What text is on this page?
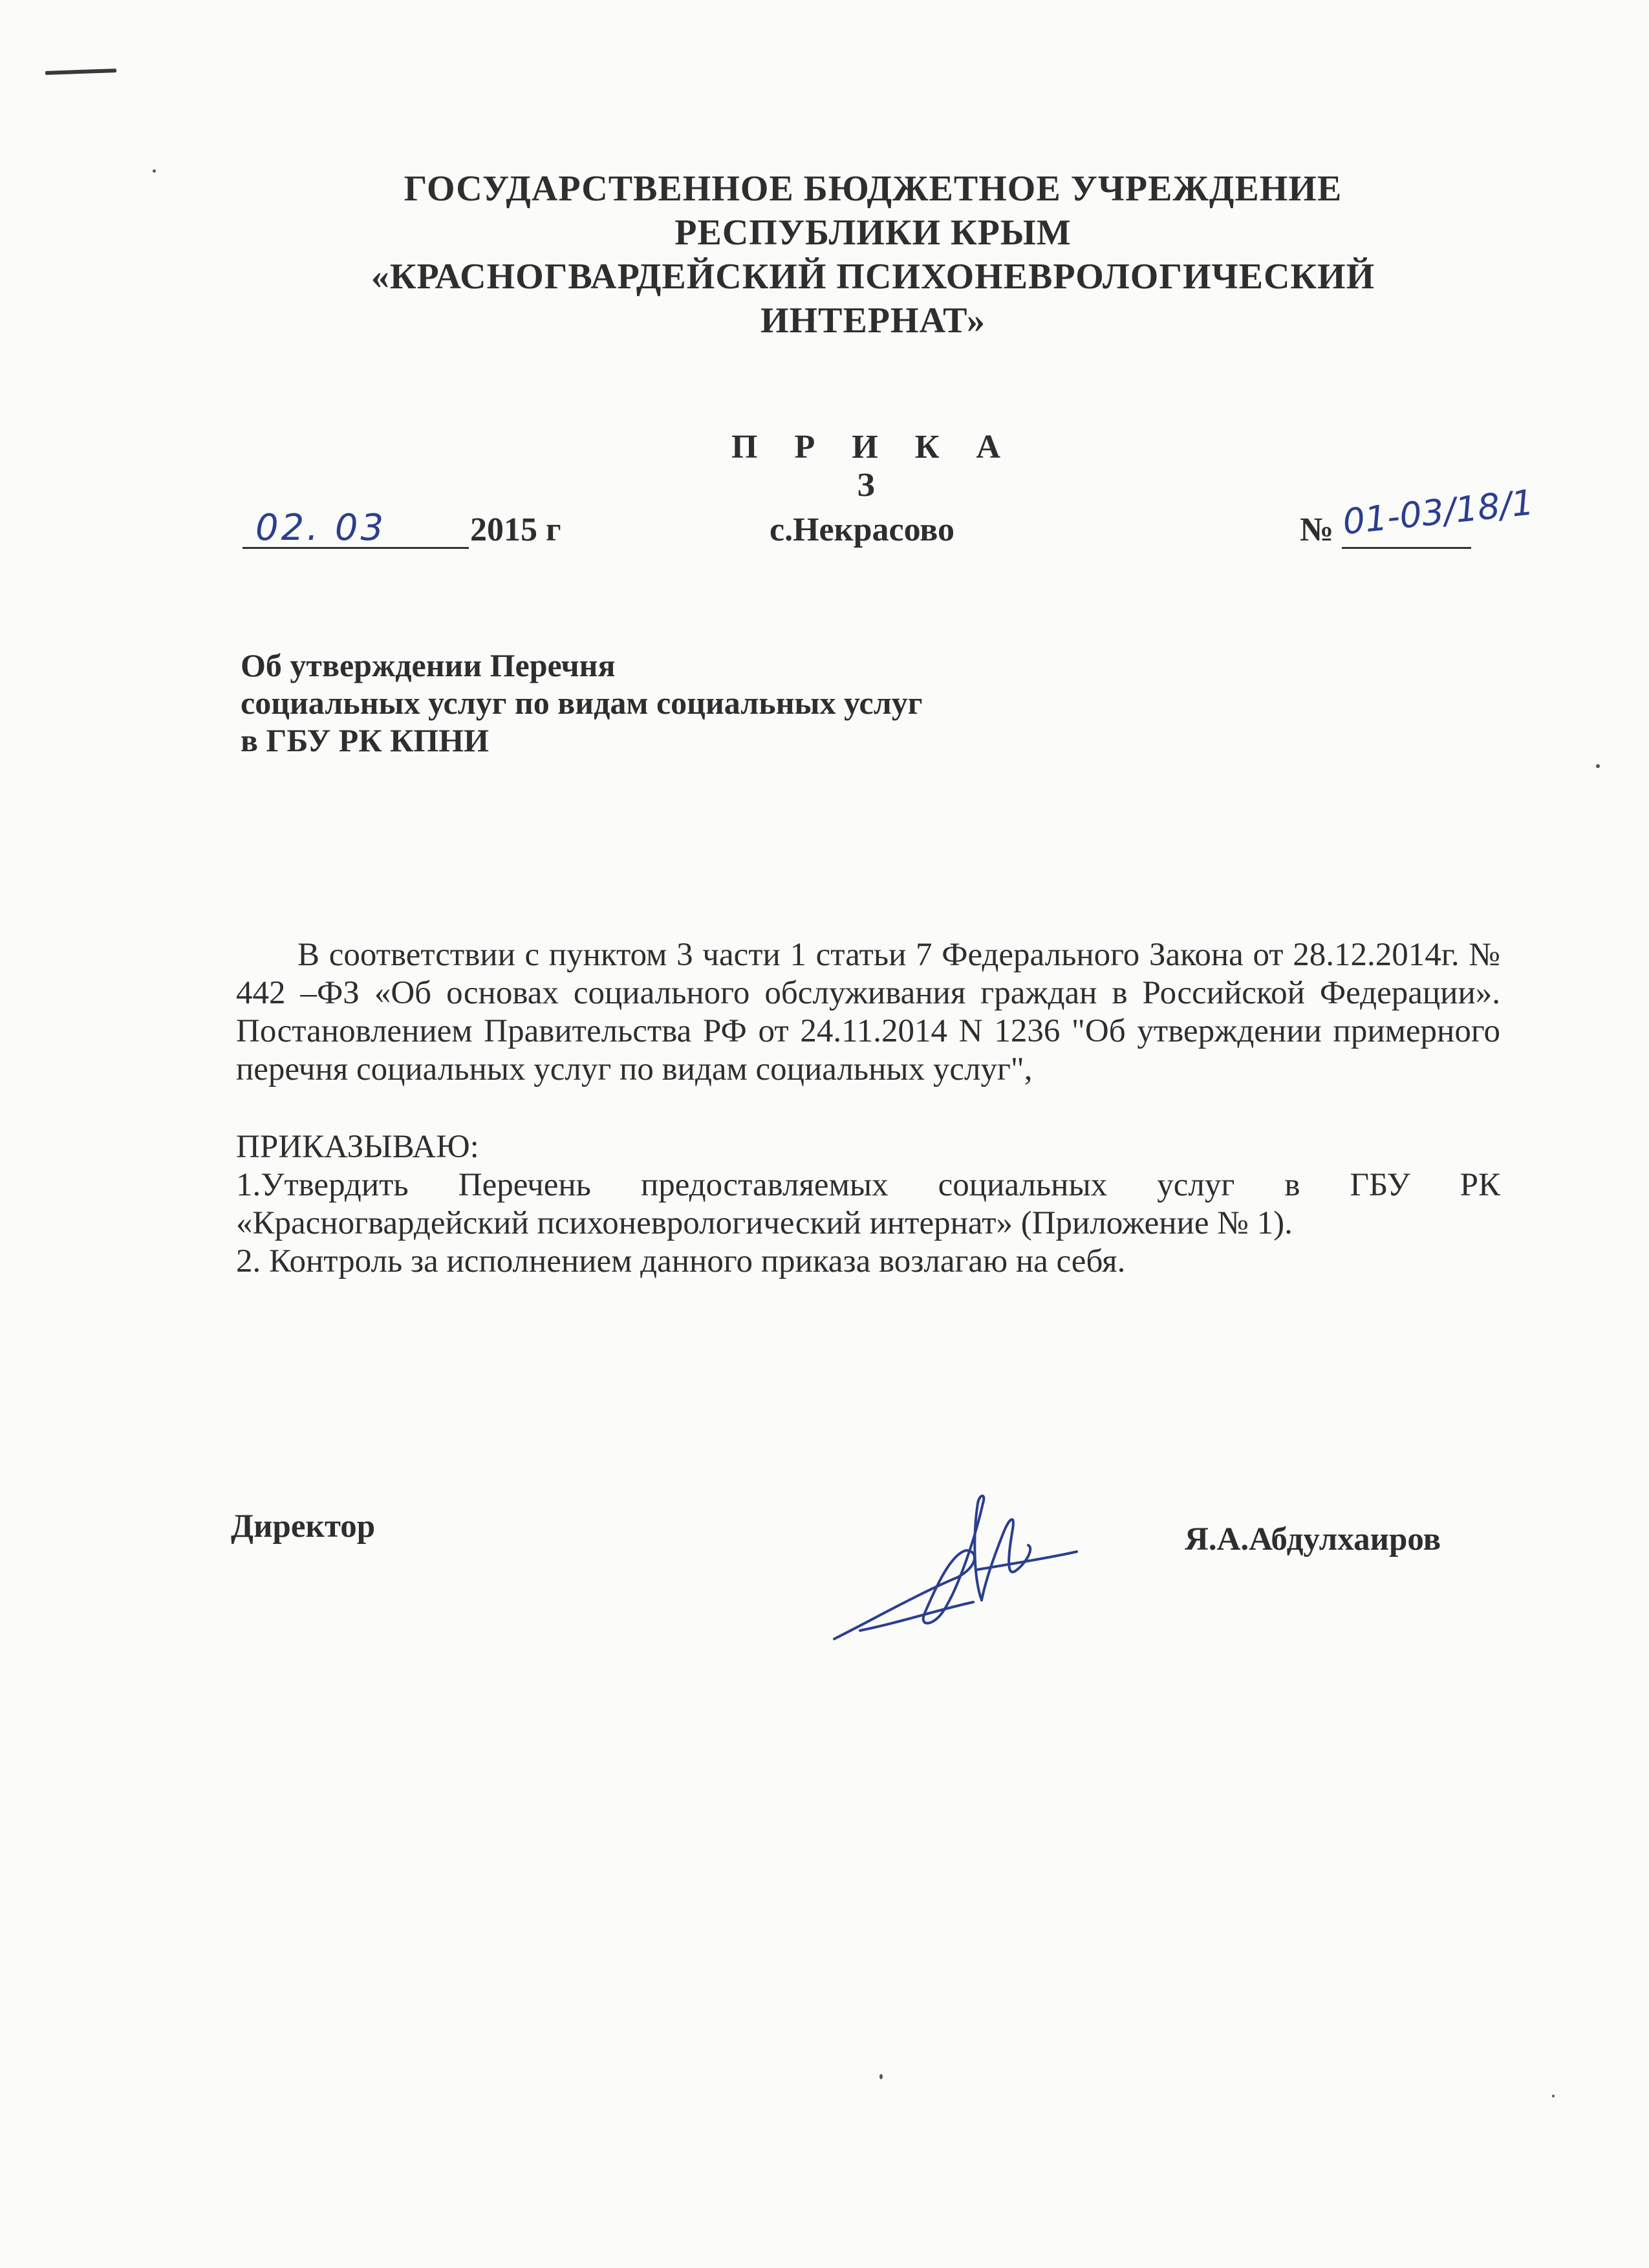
ГОСУДАРСТВЕННОЕ БЮДЖЕТНОЕ УЧРЕЖДЕНИЕ
РЕСПУБЛИКИ КРЫМ
«КРАСНОГВАРДЕЙСКИЙ ПСИХОНЕВРОЛОГИЧЕСКИЙ
ИНТЕРНАТ»
П Р И К А З
02. 03 2015 г	с.Некрасово	№ 01-03/18/1
Об утверждении Перечня
социальных услуг по видам социальных услуг
в ГБУ РК КПНИ

В соответствии с пунктом 3 части 1 статьи 7 Федерального Закона от 28.12.2014г. № 442 –ФЗ «Об основах социального обслуживания граждан в Российской Федерации». Постановлением Правительства РФ от 24.11.2014 N 1236 "Об утверждении примерного перечня социальных услуг по видам социальных услуг",

ПРИКАЗЫВАЮ:

1.Утвердить Перечень предоставляемых социальных услуг в ГБУ РК «Красногвардейский психоневрологический интернат» (Приложение № 1).

2. Контроль за исполнением данного приказа возлагаю на себя.

Директор	Я.А.Абдулхаиров
